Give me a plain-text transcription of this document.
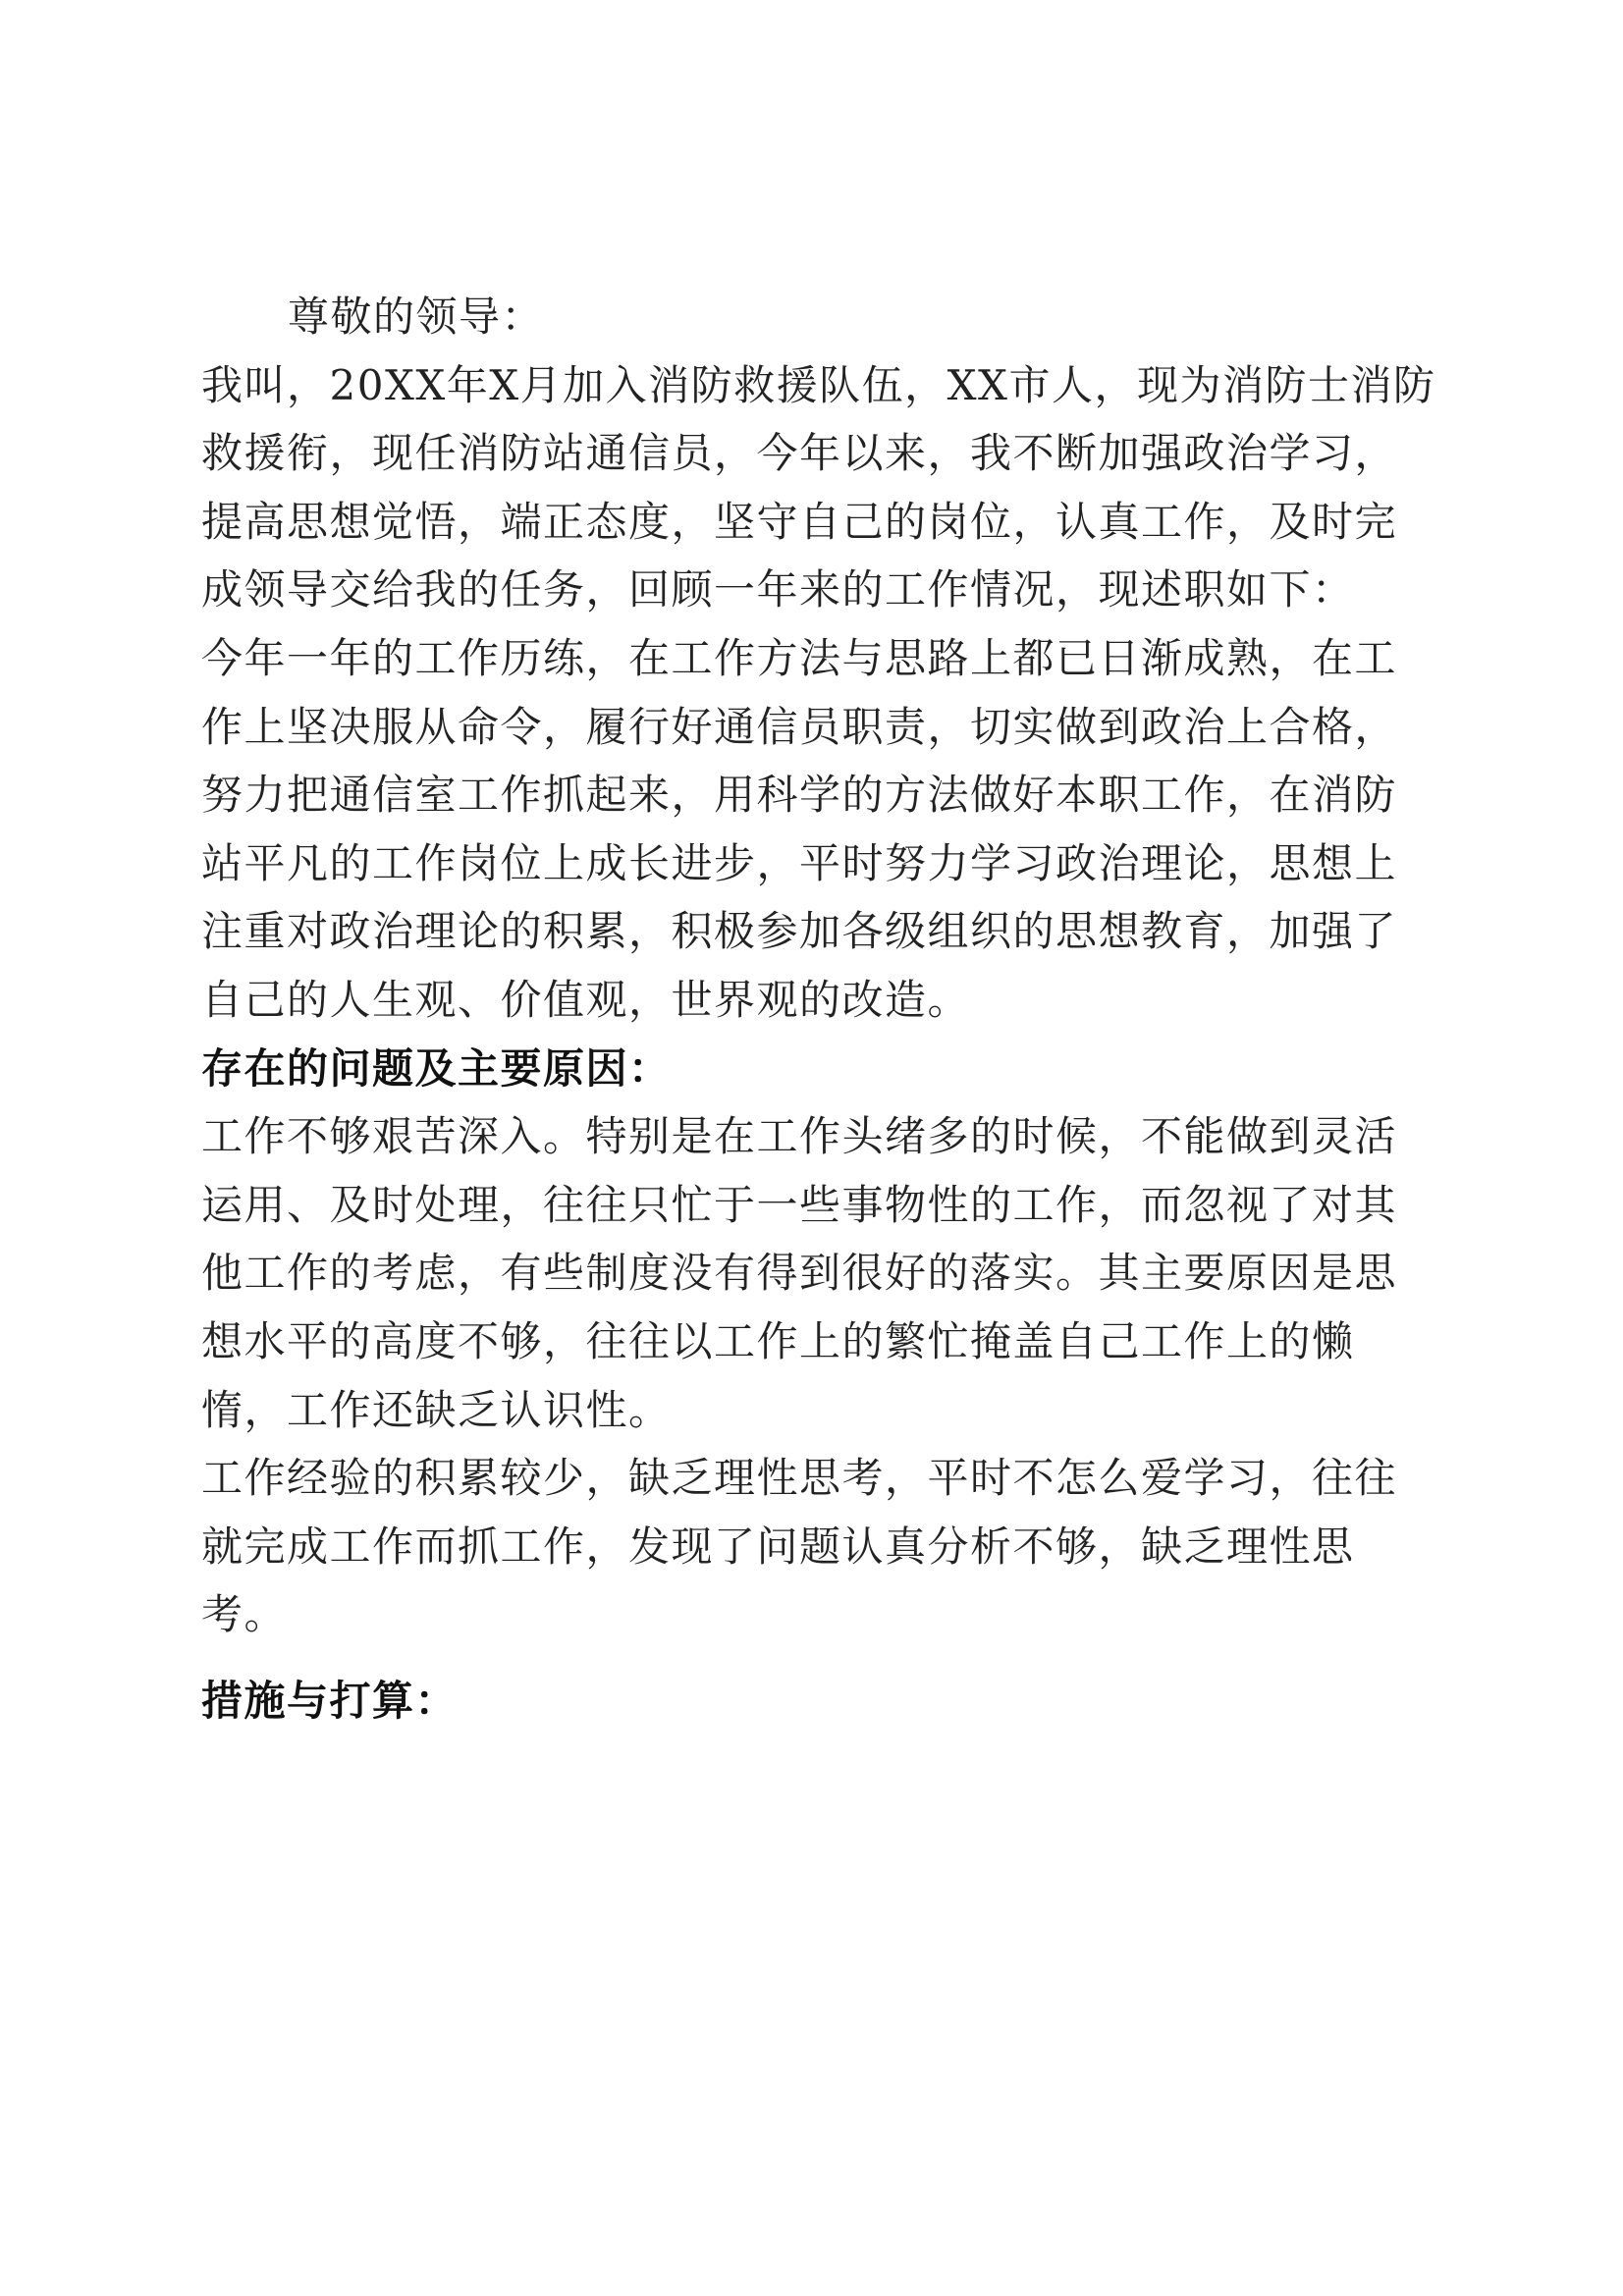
尊敬的领导：
我叫，20XX年X月加入消防救援队伍，XX市人，现为消防士消防
救援衔，现任消防站通信员，今年以来，我不断加强政治学习，
提高思想觉悟，端正态度，坚守自己的岗位，认真工作，及时完
成领导交给我的任务，回顾一年来的工作情况，现述职如下：
今年一年的工作历练，在工作方法与思路上都已日渐成熟，在工
作上坚决服从命令，履行好通信员职责，切实做到政治上合格，
努力把通信室工作抓起来，用科学的方法做好本职工作，在消防
站平凡的工作岗位上成长进步，平时努力学习政治理论，思想上
注重对政治理论的积累，积极参加各级组织的思想教育，加强了
自己的人生观、价值观，世界观的改造。
存在的问题及主要原因：
工作不够艰苦深入。特别是在工作头绪多的时候，不能做到灵活
运用、及时处理，往往只忙于一些事物性的工作，而忽视了对其
他工作的考虑，有些制度没有得到很好的落实。其主要原因是思
想水平的高度不够，往往以工作上的繁忙掩盖自己工作上的懒
惰，工作还缺乏认识性。
工作经验的积累较少，缺乏理性思考，平时不怎么爱学习，往往
就完成工作而抓工作，发现了问题认真分析不够，缺乏理性思
考。
措施与打算：
